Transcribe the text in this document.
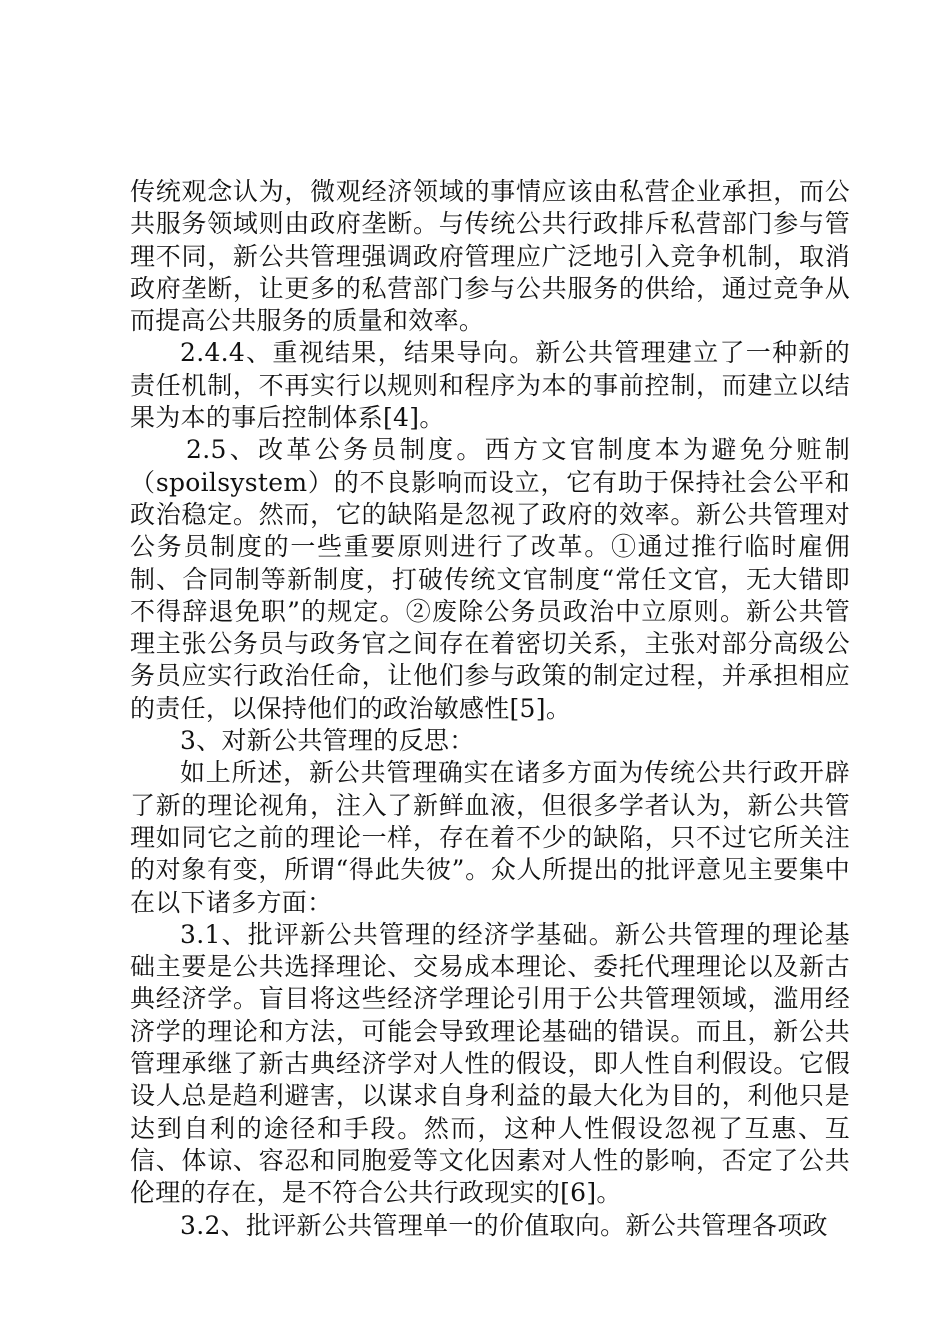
传统观念认为，微观经济领域的事情应该由私营企业承担，而公共服务领域则由政府垄断。与传统公共行政排斥私营部门参与管理不同，新公共管理强调政府管理应广泛地引入竞争机制，取消政府垄断，让更多的私营部门参与公共服务的供给，通过竞争从而提高公共服务的质量和效率。

2.4.4、重视结果，结果导向。新公共管理建立了一种新的责任机制，不再实行以规则和程序为本的事前控制，而建立以结果为本的事后控制体系[4]。

2.5、改革公务员制度。西方文官制度本为避免分赃制（spoilsystem）的不良影响而设立，它有助于保持社会公平和政治稳定。然而，它的缺陷是忽视了政府的效率。新公共管理对公务员制度的一些重要原则进行了改革。①通过推行临时雇佣制、合同制等新制度，打破传统文官制度“常任文官，无大错即不得辞退免职”的规定。②废除公务员政治中立原则。新公共管理主张公务员与政务官之间存在着密切关系，主张对部分高级公务员应实行政治任命，让他们参与政策的制定过程，并承担相应的责任，以保持他们的政治敏感性[5]。

3、对新公共管理的反思：

如上所述，新公共管理确实在诸多方面为传统公共行政开辟了新的理论视角，注入了新鲜血液，但很多学者认为，新公共管理如同它之前的理论一样，存在着不少的缺陷，只不过它所关注的对象有变，所谓“得此失彼”。众人所提出的批评意见主要集中在以下诸多方面：

3.1、批评新公共管理的经济学基础。新公共管理的理论基础主要是公共选择理论、交易成本理论、委托代理理论以及新古典经济学。盲目将这些经济学理论引用于公共管理领域，滥用经济学的理论和方法，可能会导致理论基础的错误。而且，新公共管理承继了新古典经济学对人性的假设，即人性自利假设。它假设人总是趋利避害，以谋求自身利益的最大化为目的，利他只是达到自利的途径和手段。然而，这种人性假设忽视了互惠、互信、体谅、容忍和同胞爱等文化因素对人性的影响，否定了公共伦理的存在，是不符合公共行政现实的[6]。

3.2、批评新公共管理单一的价值取向。新公共管理各项政
